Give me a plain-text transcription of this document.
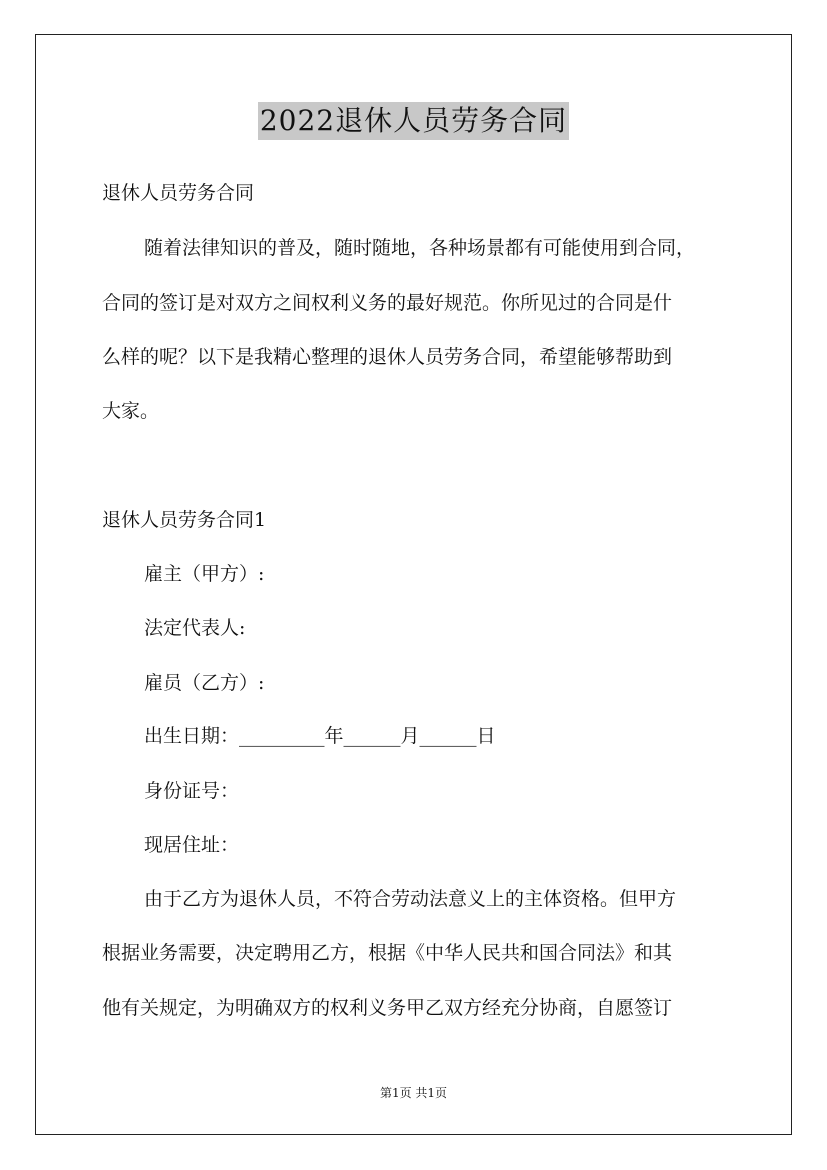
2022退休人员劳务合同
退休人员劳务合同
随着法律知识的普及，随时随地，各种场景都有可能使用到合同，
合同的签订是对双方之间权利义务的最好规范。你所见过的合同是什
么样的呢？以下是我精心整理的退休人员劳务合同，希望能够帮助到
大家。
退休人员劳务合同1
雇主（甲方）:
法定代表人:
雇员（乙方）:
出生日期：_________年______月______日
身份证号：
现居住址：
由于乙方为退休人员，不符合劳动法意义上的主体资格。但甲方
根据业务需要，决定聘用乙方，根据《中华人民共和国合同法》和其
他有关规定，为明确双方的权利义务甲乙双方经充分协商，自愿签订
第1页 共1页
